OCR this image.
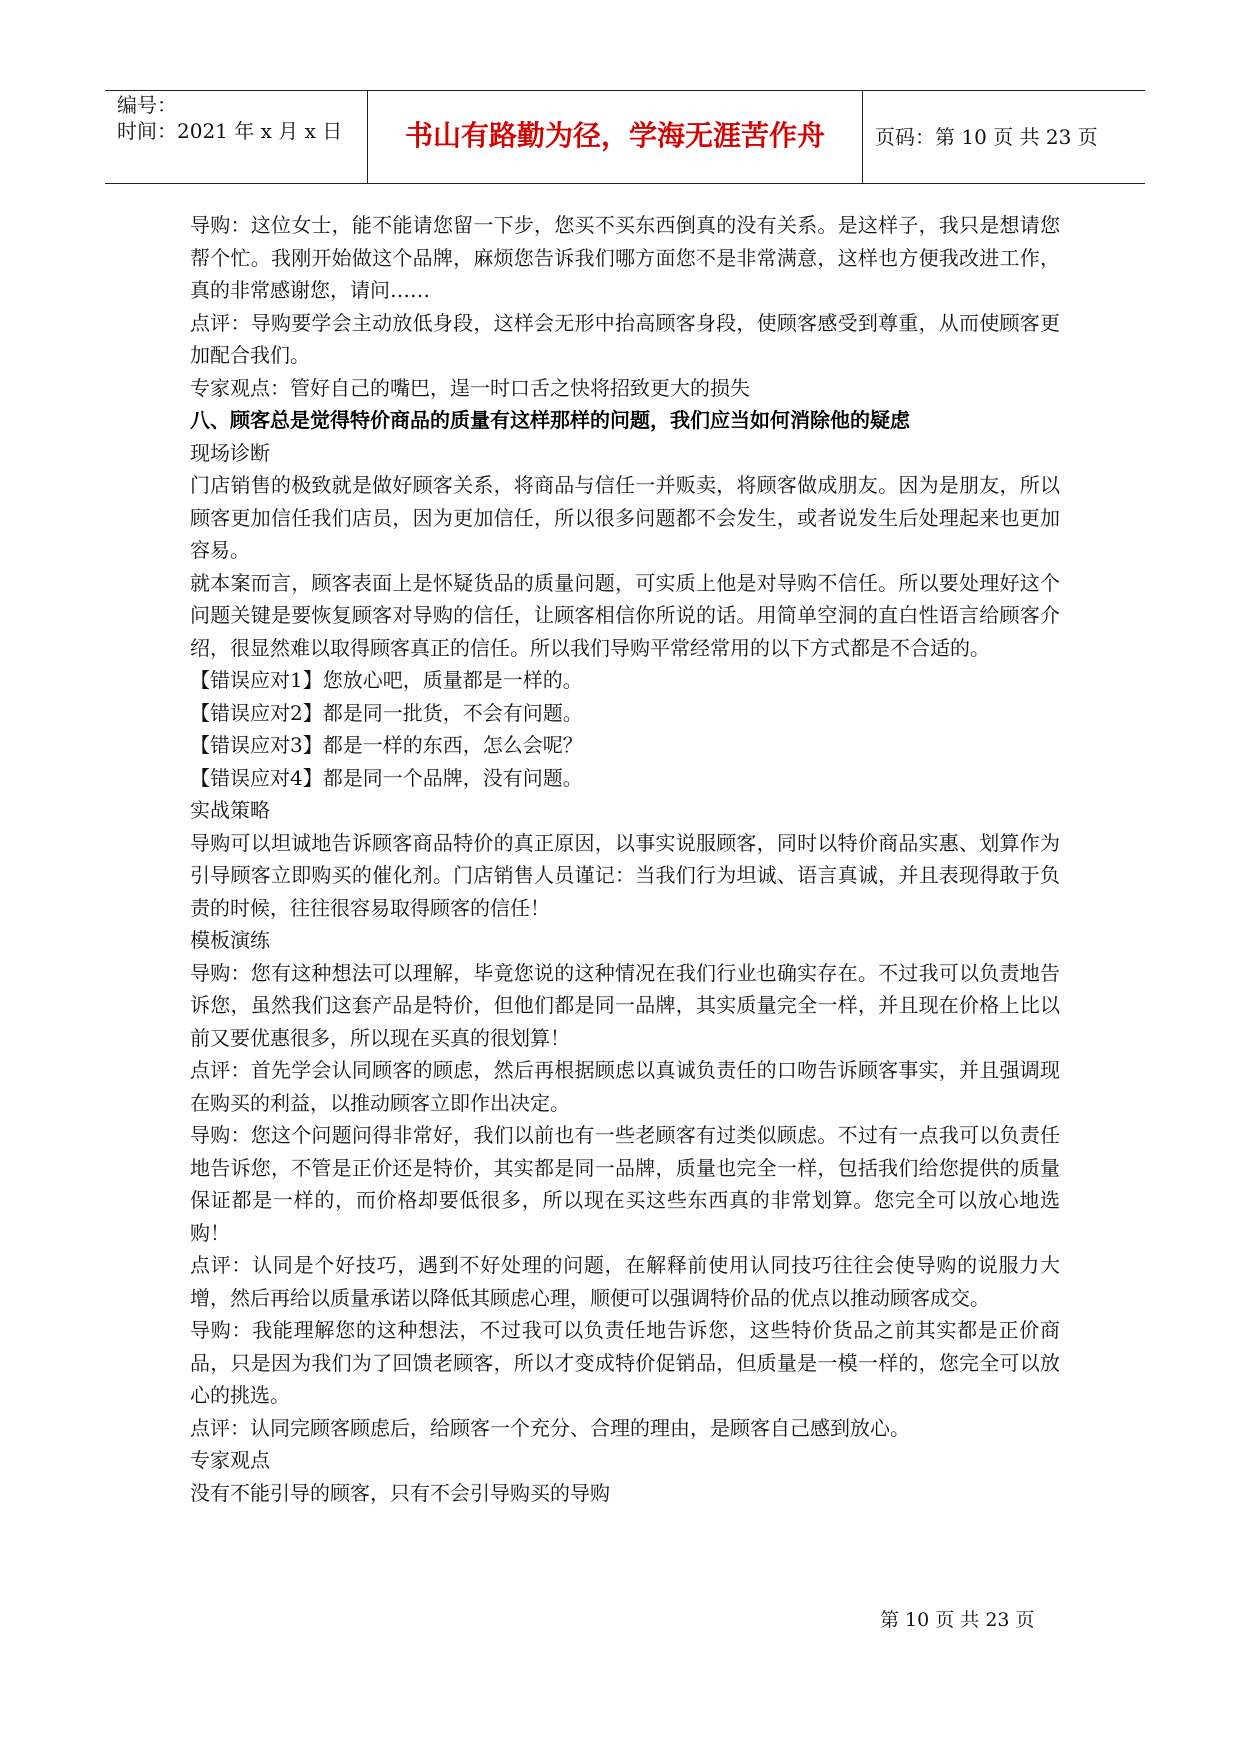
编号：
时间：2021 年 x 月 x 日	书山有路勤为径，学海无涯苦作舟	页码：第 10 页 共 23 页

导购：这位女士，能不能请您留一下步，您买不买东西倒真的没有关系。是这样子，我只是想请您帮个忙。我刚开始做这个品牌，麻烦您告诉我们哪方面您不是非常满意，这样也方便我改进工作，真的非常感谢您，请问……

点评：导购要学会主动放低身段，这样会无形中抬高顾客身段，使顾客感受到尊重，从而使顾客更加配合我们。

专家观点：管好自己的嘴巴，逞一时口舌之快将招致更大的损失

八、顾客总是觉得特价商品的质量有这样那样的问题，我们应当如何消除他的疑虑

现场诊断

门店销售的极致就是做好顾客关系，将商品与信任一并贩卖，将顾客做成朋友。因为是朋友，所以顾客更加信任我们店员，因为更加信任，所以很多问题都不会发生，或者说发生后处理起来也更加容易。

就本案而言，顾客表面上是怀疑货品的质量问题，可实质上他是对导购不信任。所以要处理好这个问题关键是要恢复顾客对导购的信任，让顾客相信你所说的话。用简单空洞的直白性语言给顾客介绍，很显然难以取得顾客真正的信任。所以我们导购平常经常用的以下方式都是不合适的。

【错误应对1】您放心吧，质量都是一样的。

【错误应对2】都是同一批货，不会有问题。

【错误应对3】都是一样的东西，怎么会呢？

【错误应对4】都是同一个品牌，没有问题。

实战策略

导购可以坦诚地告诉顾客商品特价的真正原因，以事实说服顾客，同时以特价商品实惠、划算作为引导顾客立即购买的催化剂。门店销售人员谨记：当我们行为坦诚、语言真诚，并且表现得敢于负责的时候，往往很容易取得顾客的信任！

模板演练

导购：您有这种想法可以理解，毕竟您说的这种情况在我们行业也确实存在。不过我可以负责地告诉您，虽然我们这套产品是特价，但他们都是同一品牌，其实质量完全一样，并且现在价格上比以前又要优惠很多，所以现在买真的很划算！

点评：首先学会认同顾客的顾虑，然后再根据顾虑以真诚负责任的口吻告诉顾客事实，并且强调现在购买的利益，以推动顾客立即作出决定。

导购：您这个问题问得非常好，我们以前也有一些老顾客有过类似顾虑。不过有一点我可以负责任地告诉您，不管是正价还是特价，其实都是同一品牌，质量也完全一样，包括我们给您提供的质量保证都是一样的，而价格却要低很多，所以现在买这些东西真的非常划算。您完全可以放心地选购！

点评：认同是个好技巧，遇到不好处理的问题，在解释前使用认同技巧往往会使导购的说服力大增，然后再给以质量承诺以降低其顾虑心理，顺便可以强调特价品的优点以推动顾客成交。

导购：我能理解您的这种想法，不过我可以负责任地告诉您，这些特价货品之前其实都是正价商品，只是因为我们为了回馈老顾客，所以才变成特价促销品，但质量是一模一样的，您完全可以放心的挑选。

点评：认同完顾客顾虑后，给顾客一个充分、合理的理由，是顾客自己感到放心。

专家观点

没有不能引导的顾客，只有不会引导购买的导购

第 10 页 共 23 页
